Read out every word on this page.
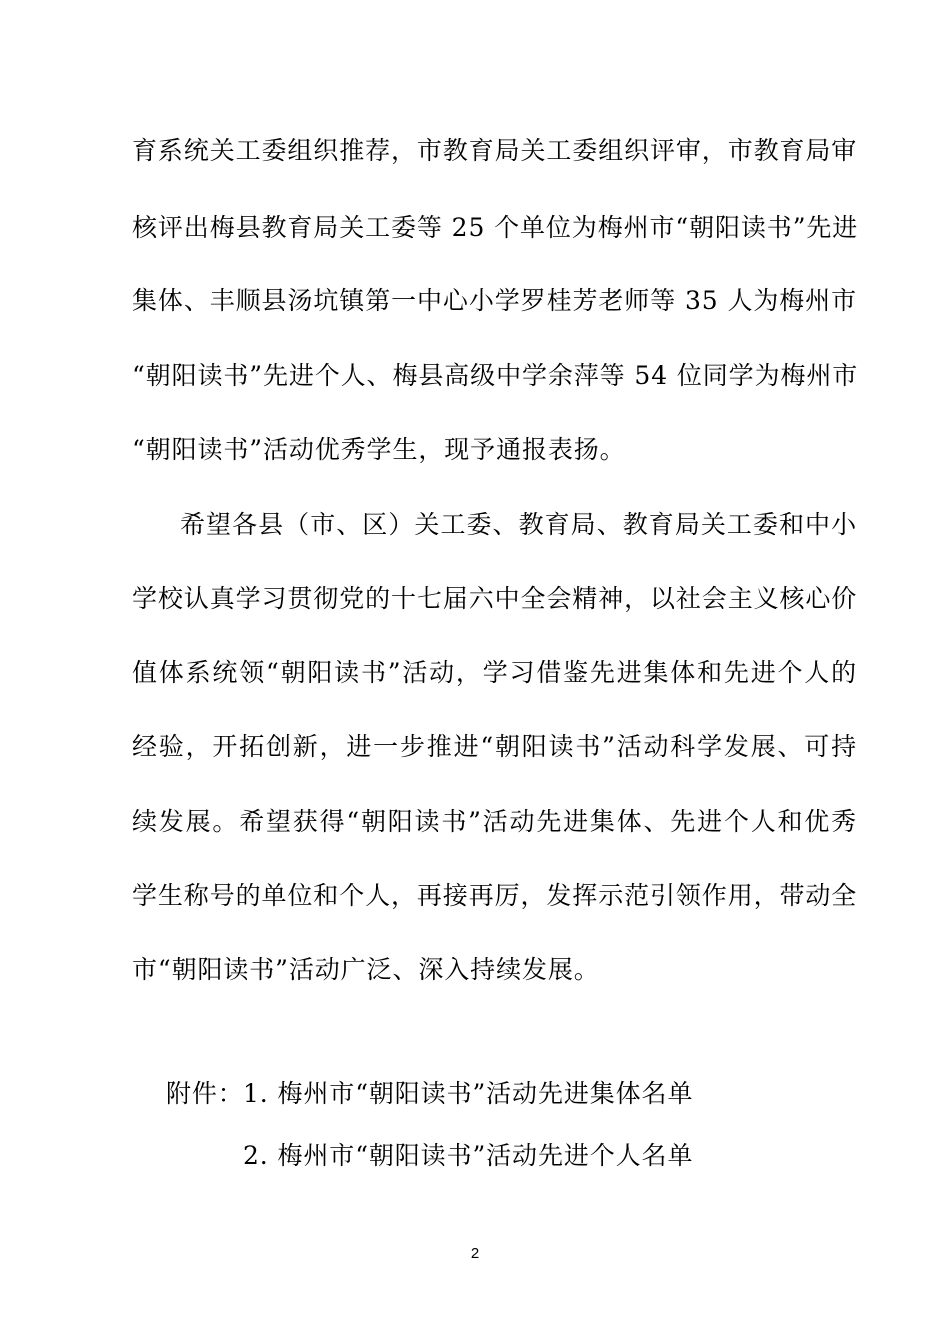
育系统关工委组织推荐，市教育局关工委组织评审，市教育局审
核评出梅县教育局关工委等 25 个单位为梅州市“朝阳读书”先进
集体、丰顺县汤坑镇第一中心小学罗桂芳老师等 35 人为梅州市
“朝阳读书”先进个人、梅县高级中学余萍等 54 位同学为梅州市
“朝阳读书”活动优秀学生，现予通报表扬。
希望各县（市、区）关工委、教育局、教育局关工委和中小
学校认真学习贯彻党的十七届六中全会精神，以社会主义核心价
值体系统领“朝阳读书”活动，学习借鉴先进集体和先进个人的
经验，开拓创新，进一步推进“朝阳读书”活动科学发展、可持
续发展。希望获得“朝阳读书”活动先进集体、先进个人和优秀
学生称号的单位和个人，再接再厉，发挥示范引领作用，带动全
市“朝阳读书”活动广泛、深入持续发展。
附件： 1. 梅州市“朝阳读书”活动先进集体名单
2. 梅州市“朝阳读书”活动先进个人名单
2
